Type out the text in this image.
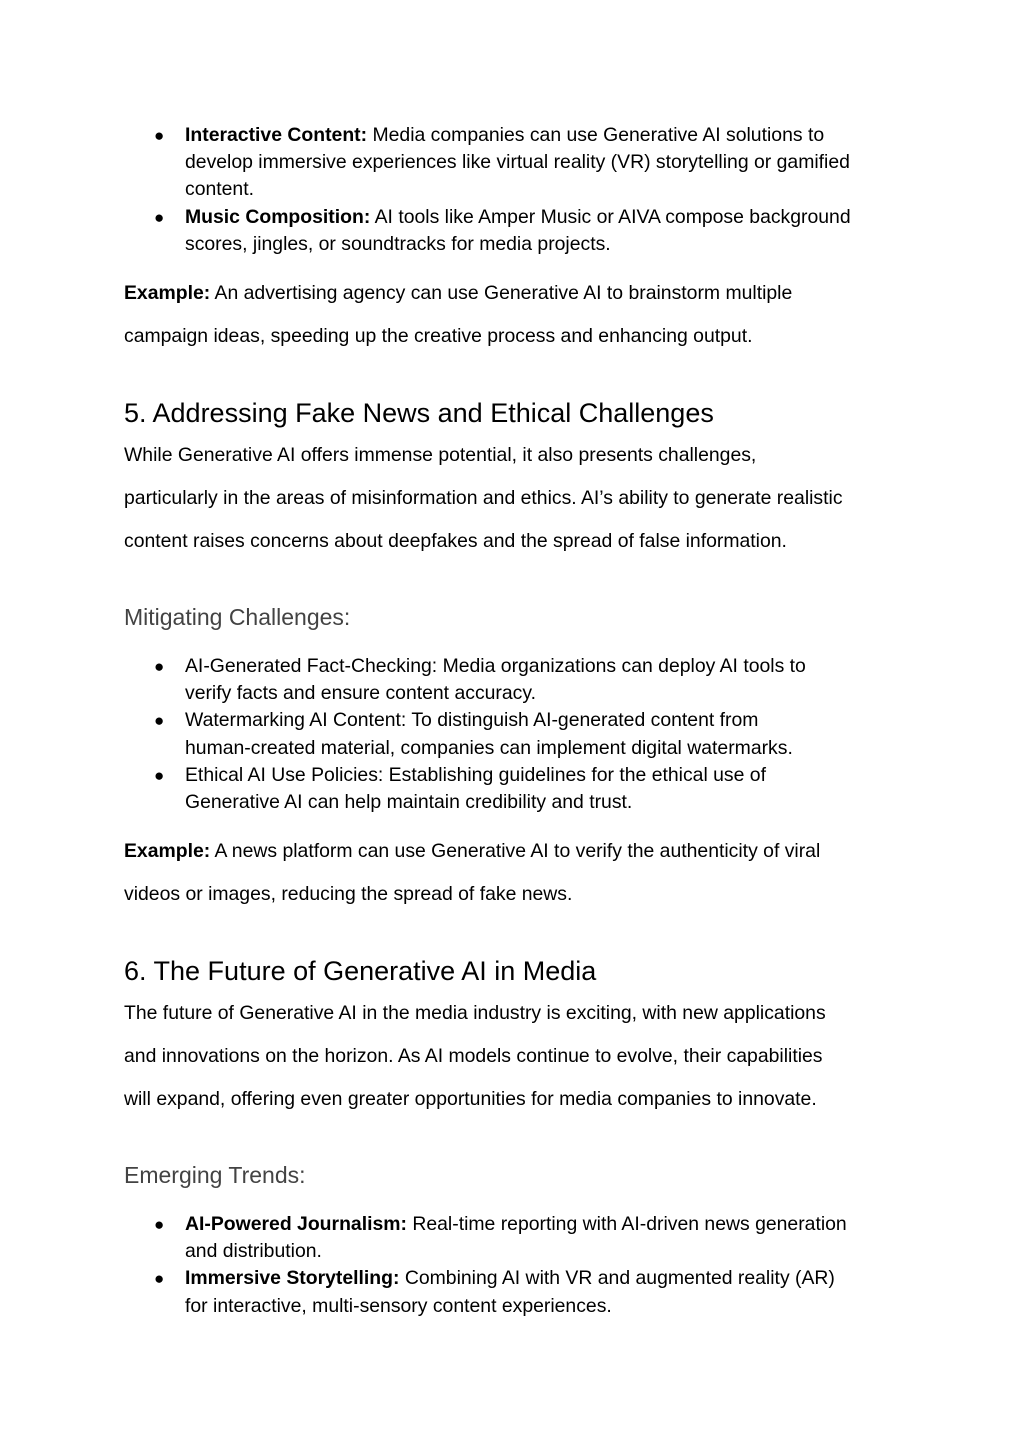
● Interactive Content: Media companies can use Generative AI solutions to
develop immersive experiences like virtual reality (VR) storytelling or gamified
content.
● Music Composition: AI tools like Amper Music or AIVA compose background
scores, jingles, or soundtracks for media projects.

Example: An advertising agency can use Generative AI to brainstorm multiple
campaign ideas, speeding up the creative process and enhancing output.

5. Addressing Fake News and Ethical Challenges

While Generative AI offers immense potential, it also presents challenges,
particularly in the areas of misinformation and ethics. AI’s ability to generate realistic
content raises concerns about deepfakes and the spread of false information.

Mitigating Challenges:
● AI-Generated Fact-Checking: Media organizations can deploy AI tools to
verify facts and ensure content accuracy.
● Watermarking AI Content: To distinguish AI-generated content from
human-created material, companies can implement digital watermarks.
● Ethical AI Use Policies: Establishing guidelines for the ethical use of
Generative AI can help maintain credibility and trust.

Example: A news platform can use Generative AI to verify the authenticity of viral
videos or images, reducing the spread of fake news.

6. The Future of Generative AI in Media

The future of Generative AI in the media industry is exciting, with new applications
and innovations on the horizon. As AI models continue to evolve, their capabilities
will expand, offering even greater opportunities for media companies to innovate.

Emerging Trends:
● AI-Powered Journalism: Real-time reporting with AI-driven news generation
and distribution.
● Immersive Storytelling: Combining AI with VR and augmented reality (AR)
for interactive, multi-sensory content experiences.
